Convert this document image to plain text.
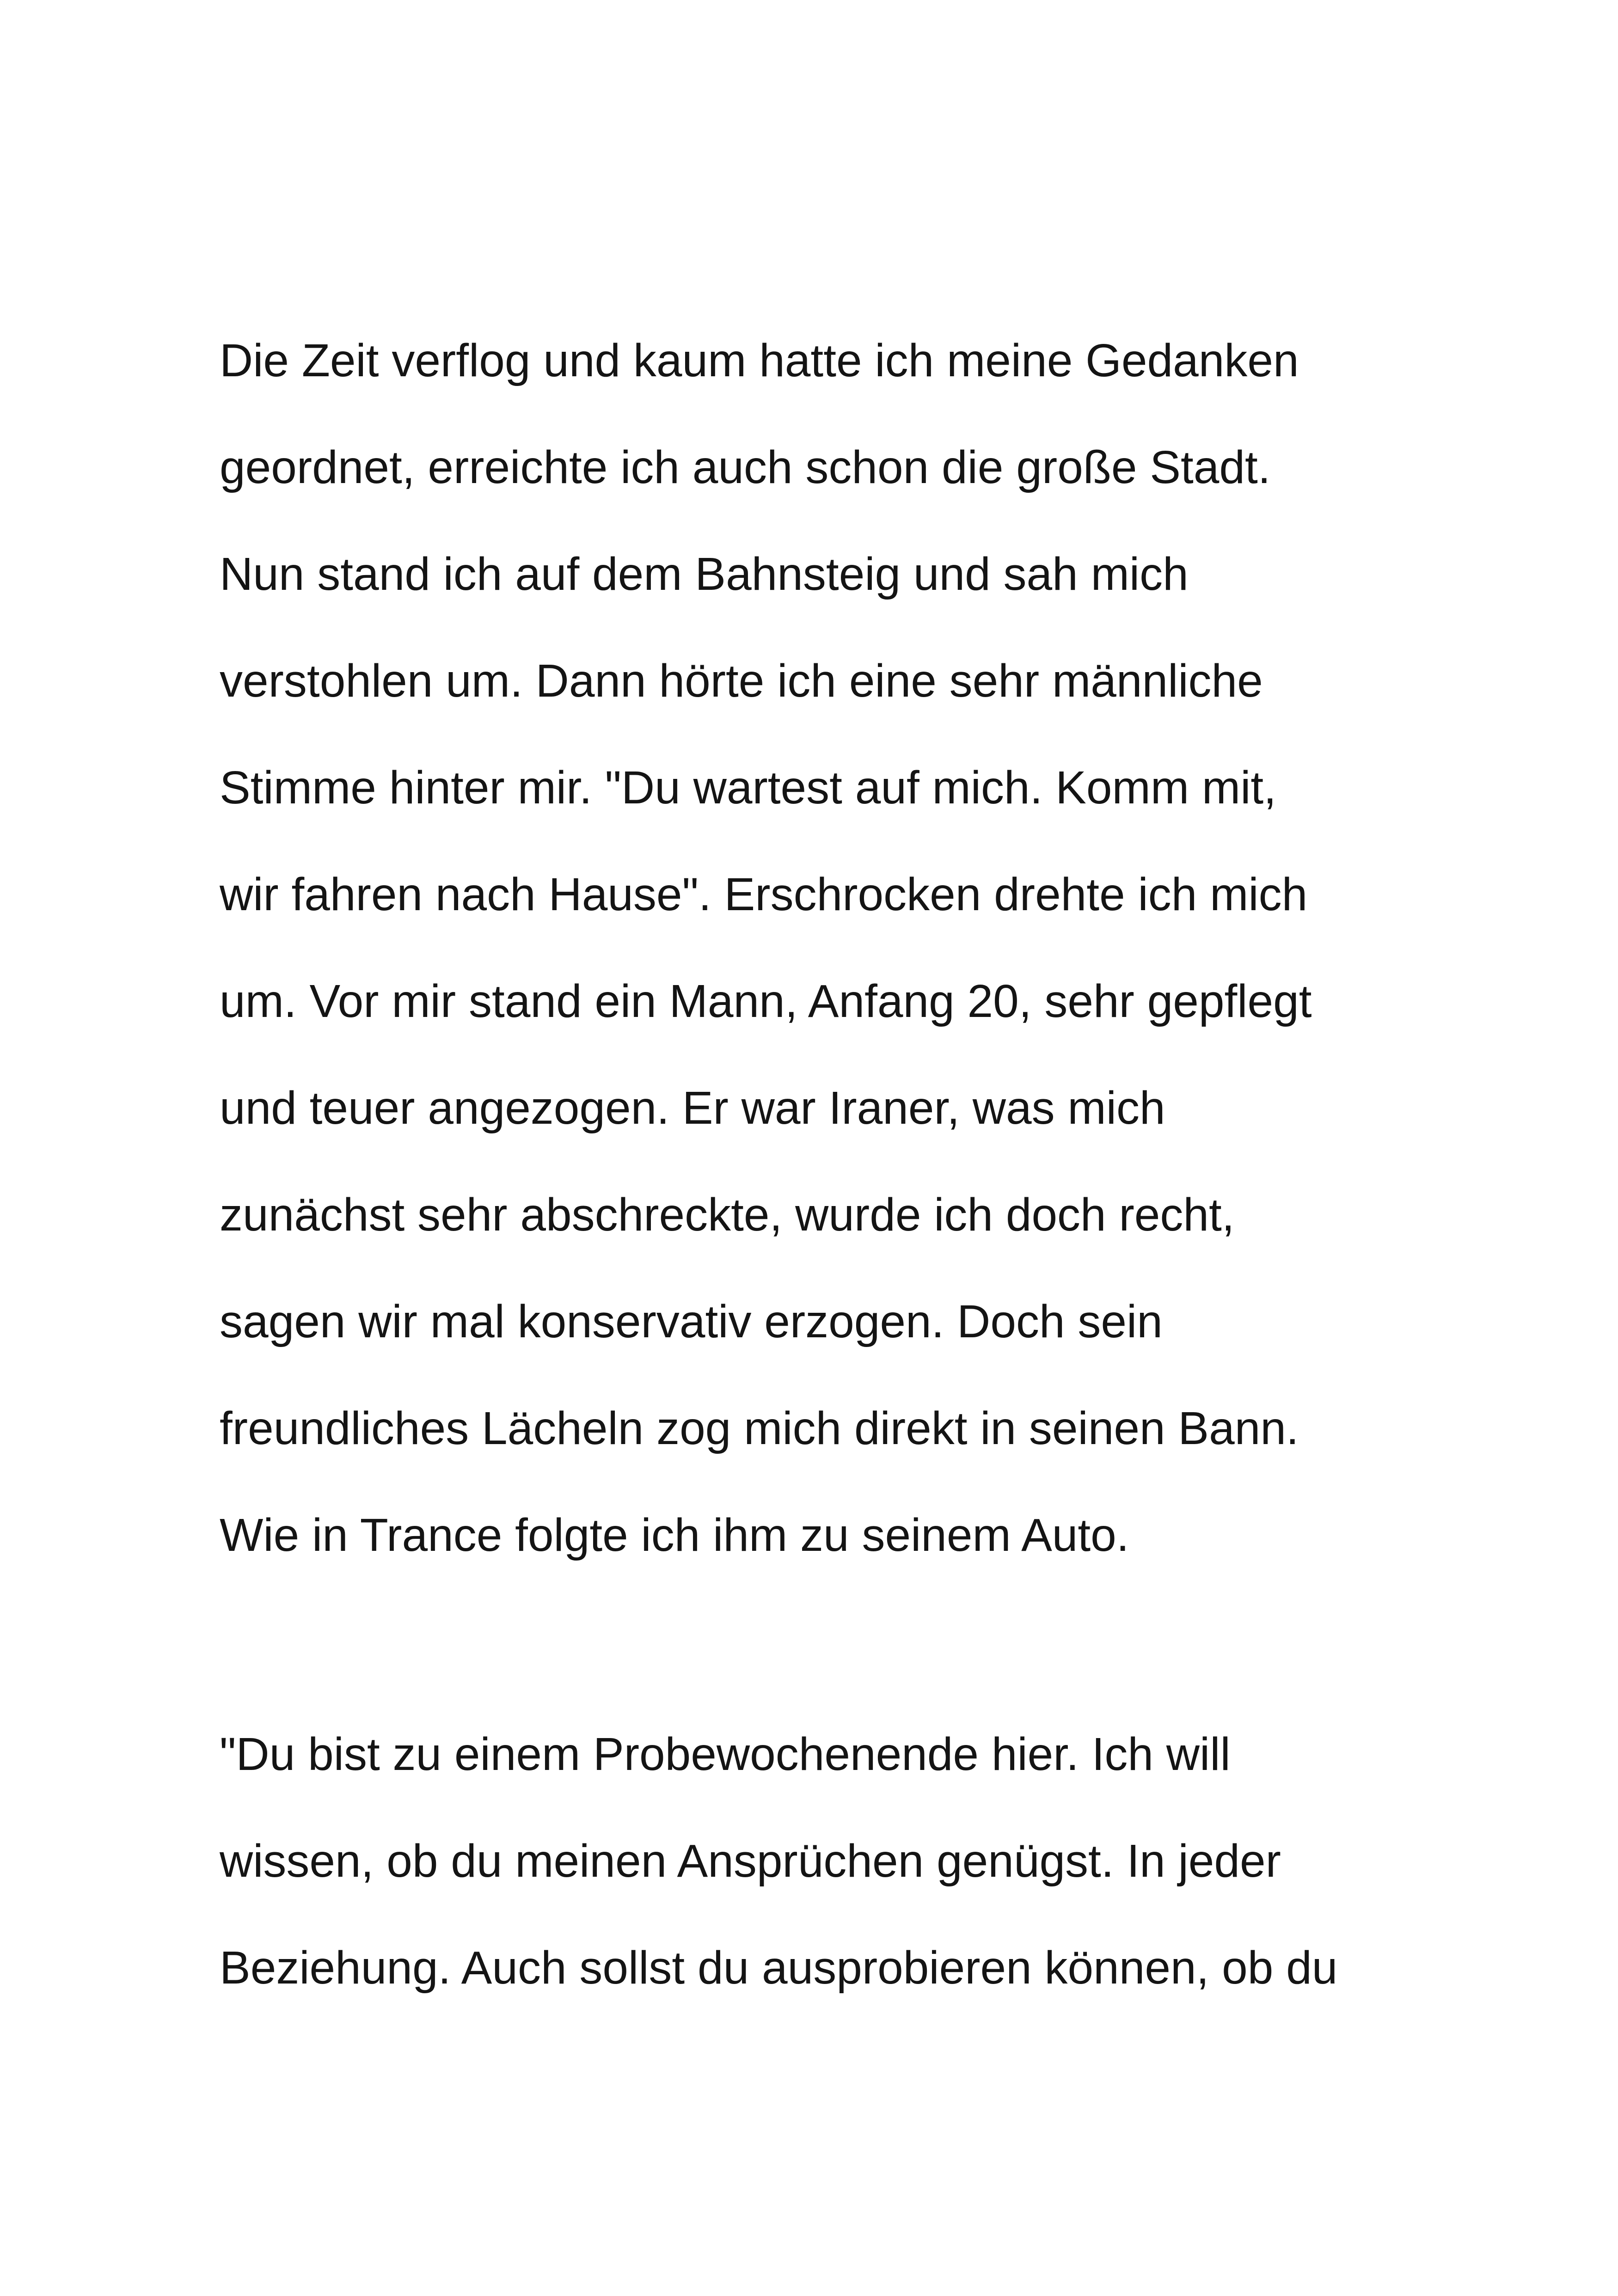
Die Zeit verflog und kaum hatte ich meine Gedanken
geordnet, erreichte ich auch schon die große Stadt.
Nun stand ich auf dem Bahnsteig und sah mich
verstohlen um. Dann hörte ich eine sehr männliche
Stimme hinter mir. "Du wartest auf mich. Komm mit,
wir fahren nach Hause". Erschrocken drehte ich mich
um. Vor mir stand ein Mann, Anfang 20, sehr gepflegt
und teuer angezogen. Er war Iraner, was mich
zunächst sehr abschreckte, wurde ich doch recht,
sagen wir mal konservativ erzogen. Doch sein
freundliches Lächeln zog mich direkt in seinen Bann.
Wie in Trance folgte ich ihm zu seinem Auto.
"Du bist zu einem Probewochenende hier. Ich will
wissen, ob du meinen Ansprüchen genügst. In jeder
Beziehung. Auch sollst du ausprobieren können, ob du
